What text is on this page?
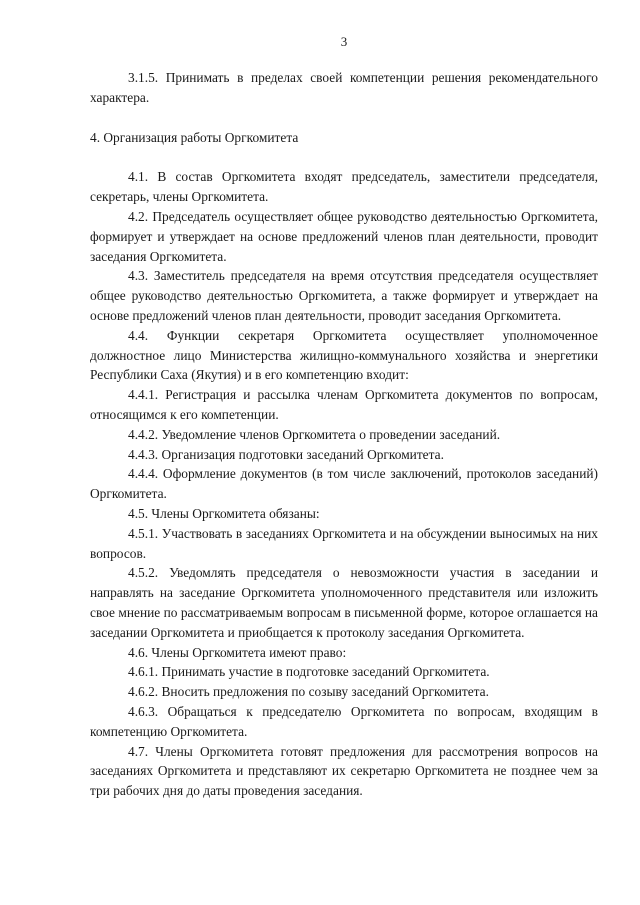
3

3.1.5. Принимать в пределах своей компетенции решения рекомендательного характера.

4. Организация работы Оргкомитета

4.1. В состав Оргкомитета входят председатель, заместители председателя, секретарь, члены Оргкомитета.

4.2. Председатель осуществляет общее руководство деятельностью Оргкомитета, формирует и утверждает на основе предложений членов план деятельности, проводит заседания Оргкомитета.

4.3. Заместитель председателя на время отсутствия председателя осуществляет общее руководство деятельностью Оргкомитета, а также формирует и утверждает на основе предложений членов план деятельности, проводит заседания Оргкомитета.

4.4. Функции секретаря Оргкомитета осуществляет уполномоченное должностное лицо Министерства жилищно-коммунального хозяйства и энергетики Республики Саха (Якутия) и в его компетенцию входит:

4.4.1. Регистрация и рассылка членам Оргкомитета документов по вопросам, относящимся к его компетенции.

4.4.2. Уведомление членов Оргкомитета о проведении заседаний.

4.4.3. Организация подготовки заседаний Оргкомитета.

4.4.4. Оформление документов (в том числе заключений, протоколов заседаний) Оргкомитета.

4.5. Члены Оргкомитета обязаны:

4.5.1. Участвовать в заседаниях Оргкомитета и на обсуждении выносимых на них вопросов.

4.5.2. Уведомлять председателя о невозможности участия в заседании и направлять на заседание Оргкомитета уполномоченного представителя или изложить свое мнение по рассматриваемым вопросам в письменной форме, которое оглашается на заседании Оргкомитета и приобщается к протоколу заседания Оргкомитета.

4.6. Члены Оргкомитета имеют право:

4.6.1. Принимать участие в подготовке заседаний Оргкомитета.

4.6.2. Вносить предложения по созыву заседаний Оргкомитета.

4.6.3. Обращаться к председателю Оргкомитета по вопросам, входящим в компетенцию Оргкомитета.

4.7. Члены Оргкомитета готовят предложения для рассмотрения вопросов на заседаниях Оргкомитета и представляют их секретарю Оргкомитета не позднее чем за три рабочих дня до даты проведения заседания.
